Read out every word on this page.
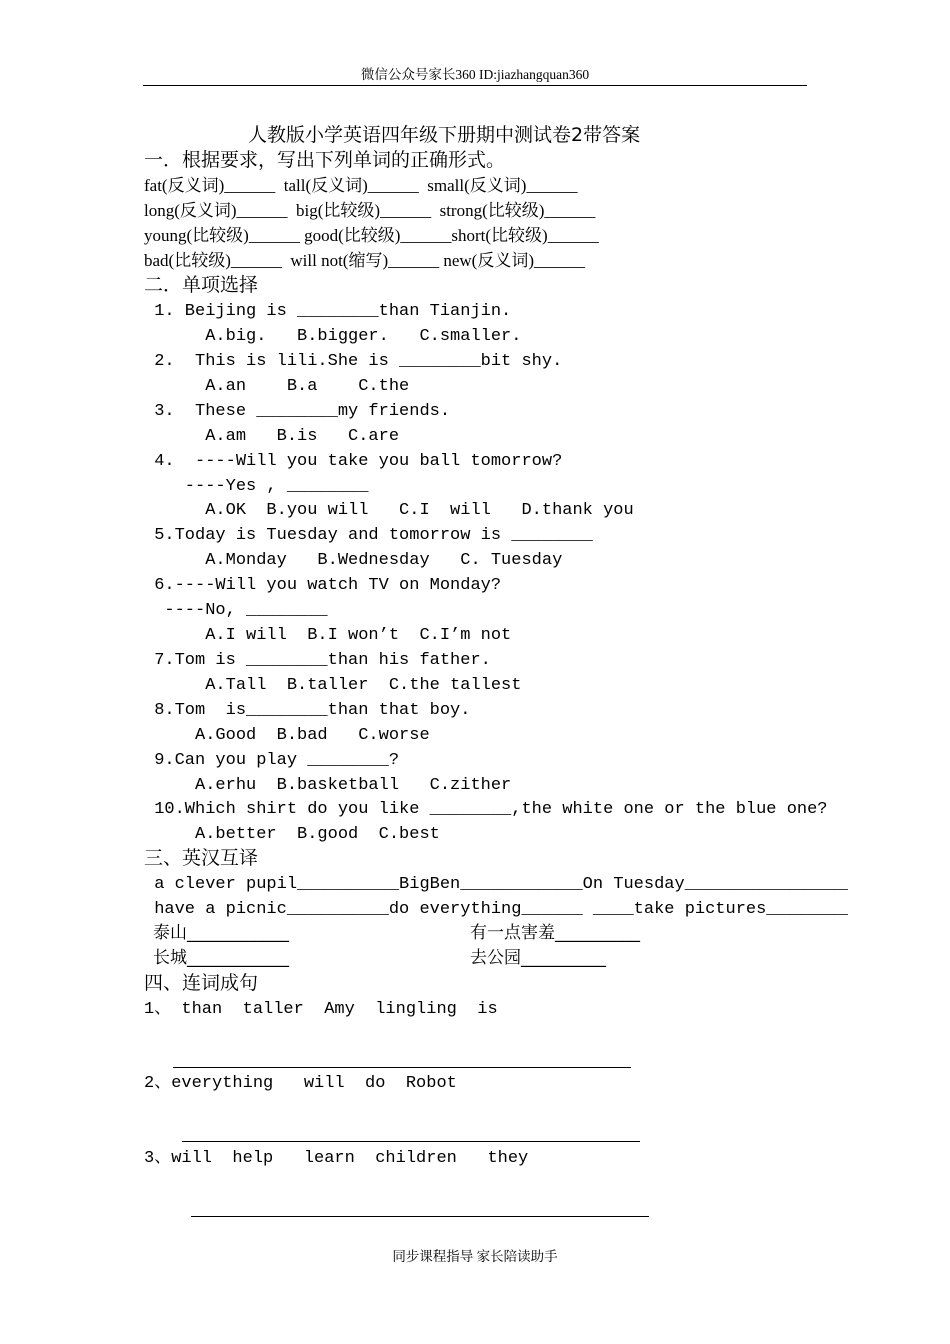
微信公众号家长360 ID:jiazhangquan360
人教版小学英语四年级下册期中测试卷2带答案
一．根据要求，写出下列单词的正确形式。
fat(反义词)______  tall(反义词)______  small(反义词)______
long(反义词)______  big(比较级)______  strong(比较级)______
young(比较级)______ good(比较级)______short(比较级)______
bad(比较级)______  will not(缩写)______ new(反义词)______
二．单项选择
1. Beijing is ________than Tianjin.
A.big.   B.bigger.   C.smaller.
2.  This is lili.She is ________bit shy.
A.an    B.a    C.the
3.  These ________my friends.
A.am   B.is   C.are
4.  ----Will you take you ball tomorrow?
----Yes , ________
A.OK  B.you will   C.I  will   D.thank you
5.Today is Tuesday and tomorrow is ________
A.Monday   B.Wednesday   C. Tuesday
6.----Will you watch TV on Monday?
----No, ________
A.I will  B.I won’t  C.I’m not
7.Tom is ________than his father.
A.Tall  B.taller  C.the tallest
8.Tom  is________than that boy.
A.Good  B.bad   C.worse
9.Can you play ________?
A.erhu  B.basketball   C.zither
10.Which shirt do you like ________,the white one or the blue one?
A.better  B.good  C.best
三、英汉互译
a clever pupil__________BigBen____________On Tuesday________________
have a picnic__________do everything______ ____take pictures________
泰山____________	有一点害羞__________
长城____________	去公园__________
四、连词成句
1、 than  taller  Amy  lingling  is
2、everything   will  do  Robot
3、will  help   learn  children   they
同步课程指导 家长陪读助手
